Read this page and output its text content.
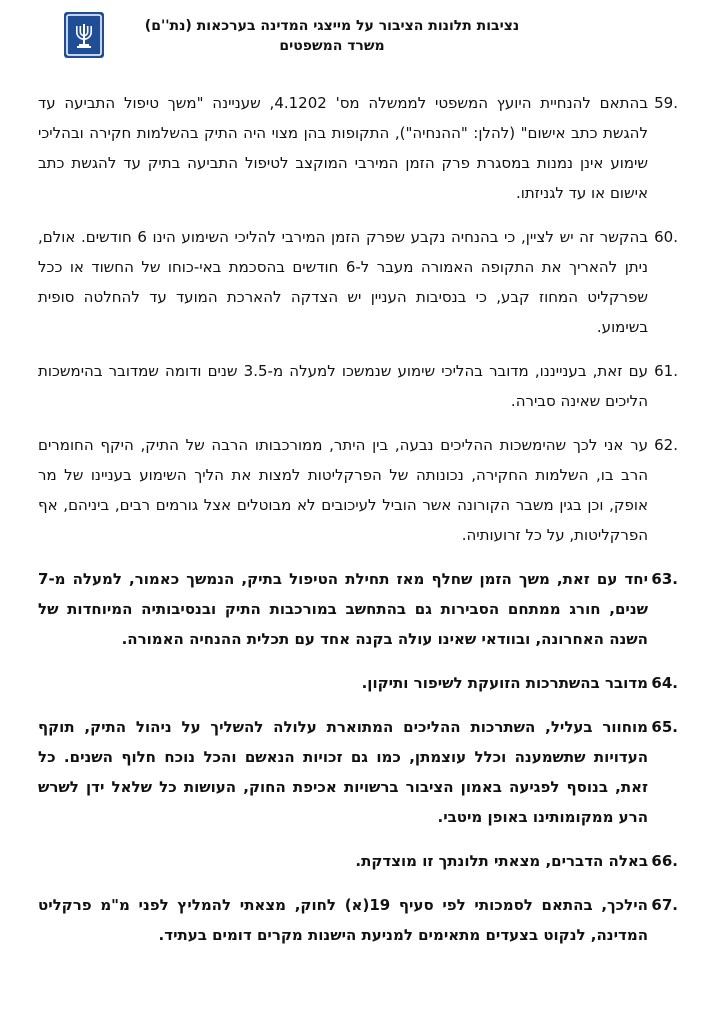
נציבות תלונות הציבור על מייצגי המדינה בערכאות (נת''ם)
משרד המשפטים
59.
בהתאם להנחיית היועץ המשפטי לממשלה מס' 4.1202, שעניינה "משך טיפול התביעה עד להגשת כתב אישום" (להלן: "ההנחיה"), התקופות בהן מצוי היה התיק בהשלמות חקירה ובהליכי שימוע אינן נמנות במסגרת פרק הזמן המירבי המוקצב לטיפול התביעה בתיק עד להגשת כתב אישום או עד לגניזתו.
60.
בהקשר זה יש לציין, כי בהנחיה נקבע שפרק הזמן המירבי להליכי השימוע הינו 6 חודשים. אולם, ניתן להאריך את התקופה האמורה מעבר ל-6 חודשים בהסכמת באי-כוחו של החשוד או ככל שפרקליט המחוז קבע, כי בנסיבות העניין יש הצדקה להארכת המועד עד להחלטה סופית בשימוע.
61.
עם זאת, בענייננו, מדובר בהליכי שימוע שנמשכו למעלה מ-3.5 שנים ודומה שמדובר בהימשכות הליכים שאינה סבירה.
62.
ער אני לכך שהימשכות ההליכים נבעה, בין היתר, ממורכבותו הרבה של התיק, היקף החומרים הרב בו, השלמות החקירה, נכונותה של הפרקליטות למצות את הליך השימוע בעניינו של מר אופק, וכן בגין משבר הקורונה אשר הוביל לעיכובים לא מבוטלים אצל גורמים רבים, ביניהם, אף הפרקליטות, על כל זרועותיה.
63.
יחד עם זאת, משך הזמן שחלף מאז תחילת הטיפול בתיק, הנמשך כאמור, למעלה מ-7 שנים, חורג ממתחם הסבירות גם בהתחשב במורכבות התיק ובנסיבותיה המיוחדות של השנה האחרונה, ובוודאי שאינו עולה בקנה אחד עם תכלית ההנחיה האמורה.
64.
מדובר בהשתרכות הזועקת לשיפור ותיקון.
65.
מוחוור בעליל, השתרכות ההליכים המתוארת עלולה להשליך על ניהול התיק, תוקף העדויות שתשמענה וכלל עוצמתן, כמו גם זכויות הנאשם והכל נוכח חלוף השנים. כל זאת, בנוסף לפגיעה באמון הציבור ברשויות אכיפת החוק, העושות כל שלאל ידן לשרש הרע ממקומותינו באופן מיטבי.
66.
באלה הדברים, מצאתי תלונתך זו מוצדקת.
67.
הילכך, בהתאם לסמכותי לפי סעיף 19(א) לחוק, מצאתי להמליץ לפני מ"מ פרקליט המדינה, לנקוט בצעדים מתאימים למניעת הישנות מקרים דומים בעתיד.
